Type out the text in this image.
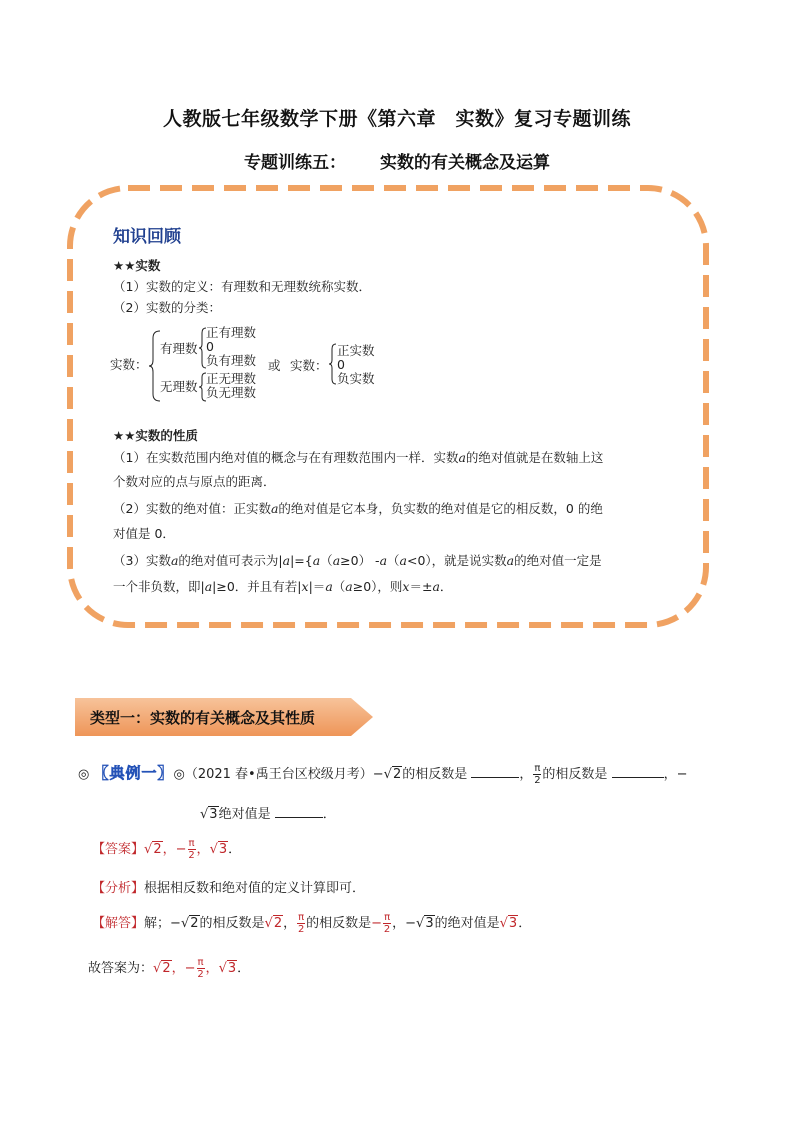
人教版七年级数学下册《第六章　实数》复习专题训练
专题训练五： 实数的有关概念及运算
知识回顾
★★实数
（1）实数的定义：有理数和无理数统称实数．
（2）实数的分类：
实数：
有理数
正有理数
0
负有理数
无理数
正无理数
负无理数
或 实数：
正实数
0
负实数
★★实数的性质
（1）在实数范围内绝对值的概念与在有理数范围内一样．实数a的绝对值就是在数轴上这
个数对应的点与原点的距离．
（2）实数的绝对值：正实数a的绝对值是它本身，负实数的绝对值是它的相反数，0 的绝
对值是 0．
（3）实数a的绝对值可表示为|a|={a（a≥0） -a（a<0），就是说实数a的绝对值一定是
一个非负数，即|a|≥0．并且有若|x|＝a（a≥0），则x＝±a．
类型一：实数的有关概念及其性质
◎ 【典例一】◎（2021 春•禹王台区校级月考）−√2的相反数是	， $\frac{\pi}{2}$ 的相反数是	，−
√3绝对值是	．
【答案】√2，− $\frac{\pi}{2}$ ，√3．
【分析】根据相反数和绝对值的定义计算即可．
【解答】解；−√2的相反数是√2， $\frac{\pi}{2}$ 的相反数是− $\frac{\pi}{2}$ ，−√3的绝对值是√3．
故答案为：√2，− $\frac{\pi}{2}$ ，√3．
